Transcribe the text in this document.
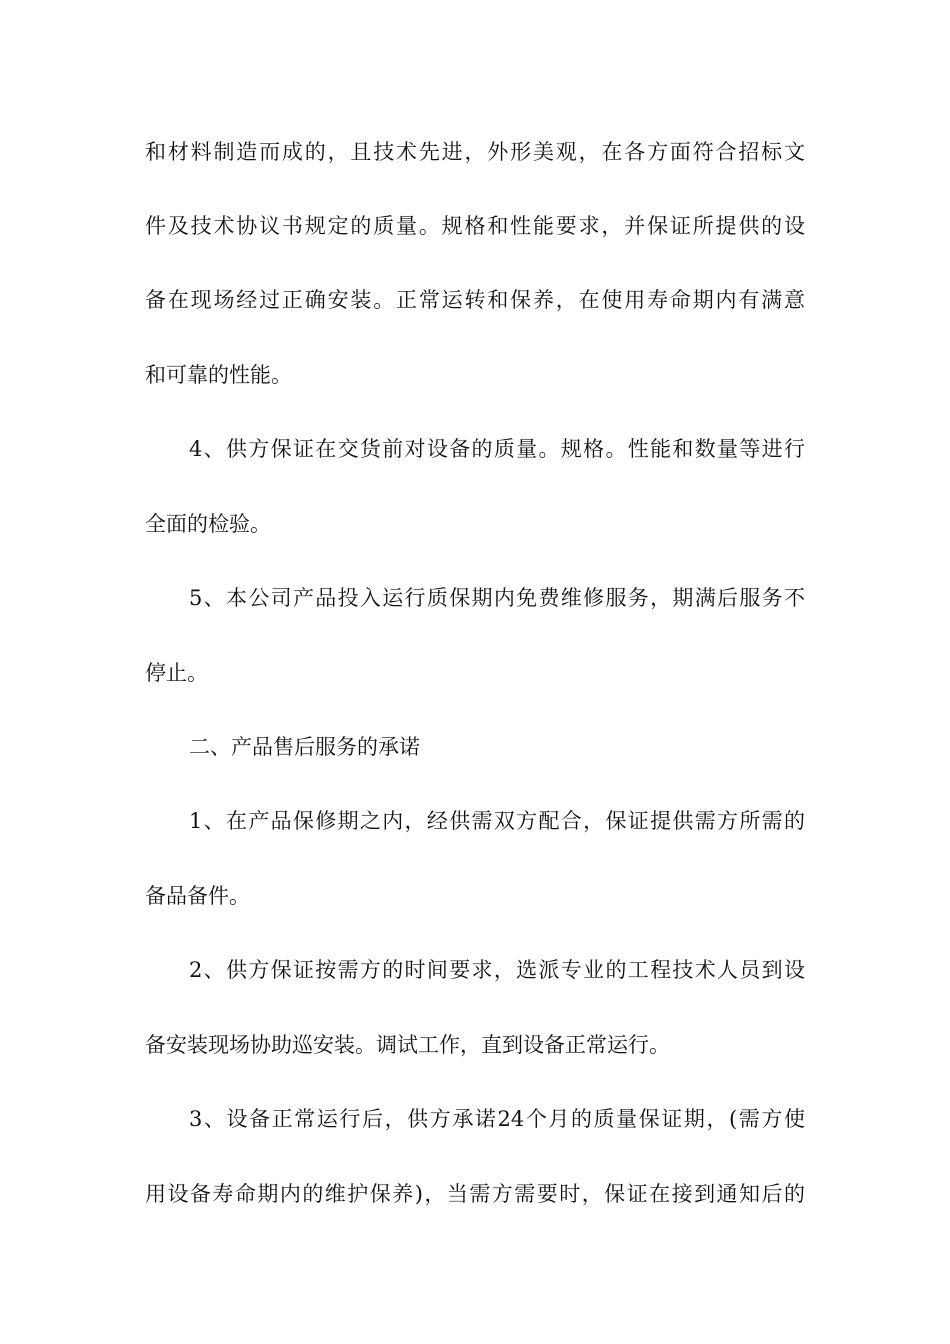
和材料制造而成的，且技术先进，外形美观，在各方面符合招标文
件及技术协议书规定的质量。规格和性能要求，并保证所提供的设
备在现场经过正确安装。正常运转和保养，在使用寿命期内有满意
和可靠的性能。
4、供方保证在交货前对设备的质量。规格。性能和数量等进行
全面的检验。
5、本公司产品投入运行质保期内免费维修服务，期满后服务不
停止。
二、产品售后服务的承诺
1、在产品保修期之内，经供需双方配合，保证提供需方所需的
备品备件。
2、供方保证按需方的时间要求，选派专业的工程技术人员到设
备安装现场协助巡安装。调试工作，直到设备正常运行。
3、设备正常运行后，供方承诺24个月的质量保证期，(需方使
用设备寿命期内的维护保养)，当需方需要时，保证在接到通知后的
